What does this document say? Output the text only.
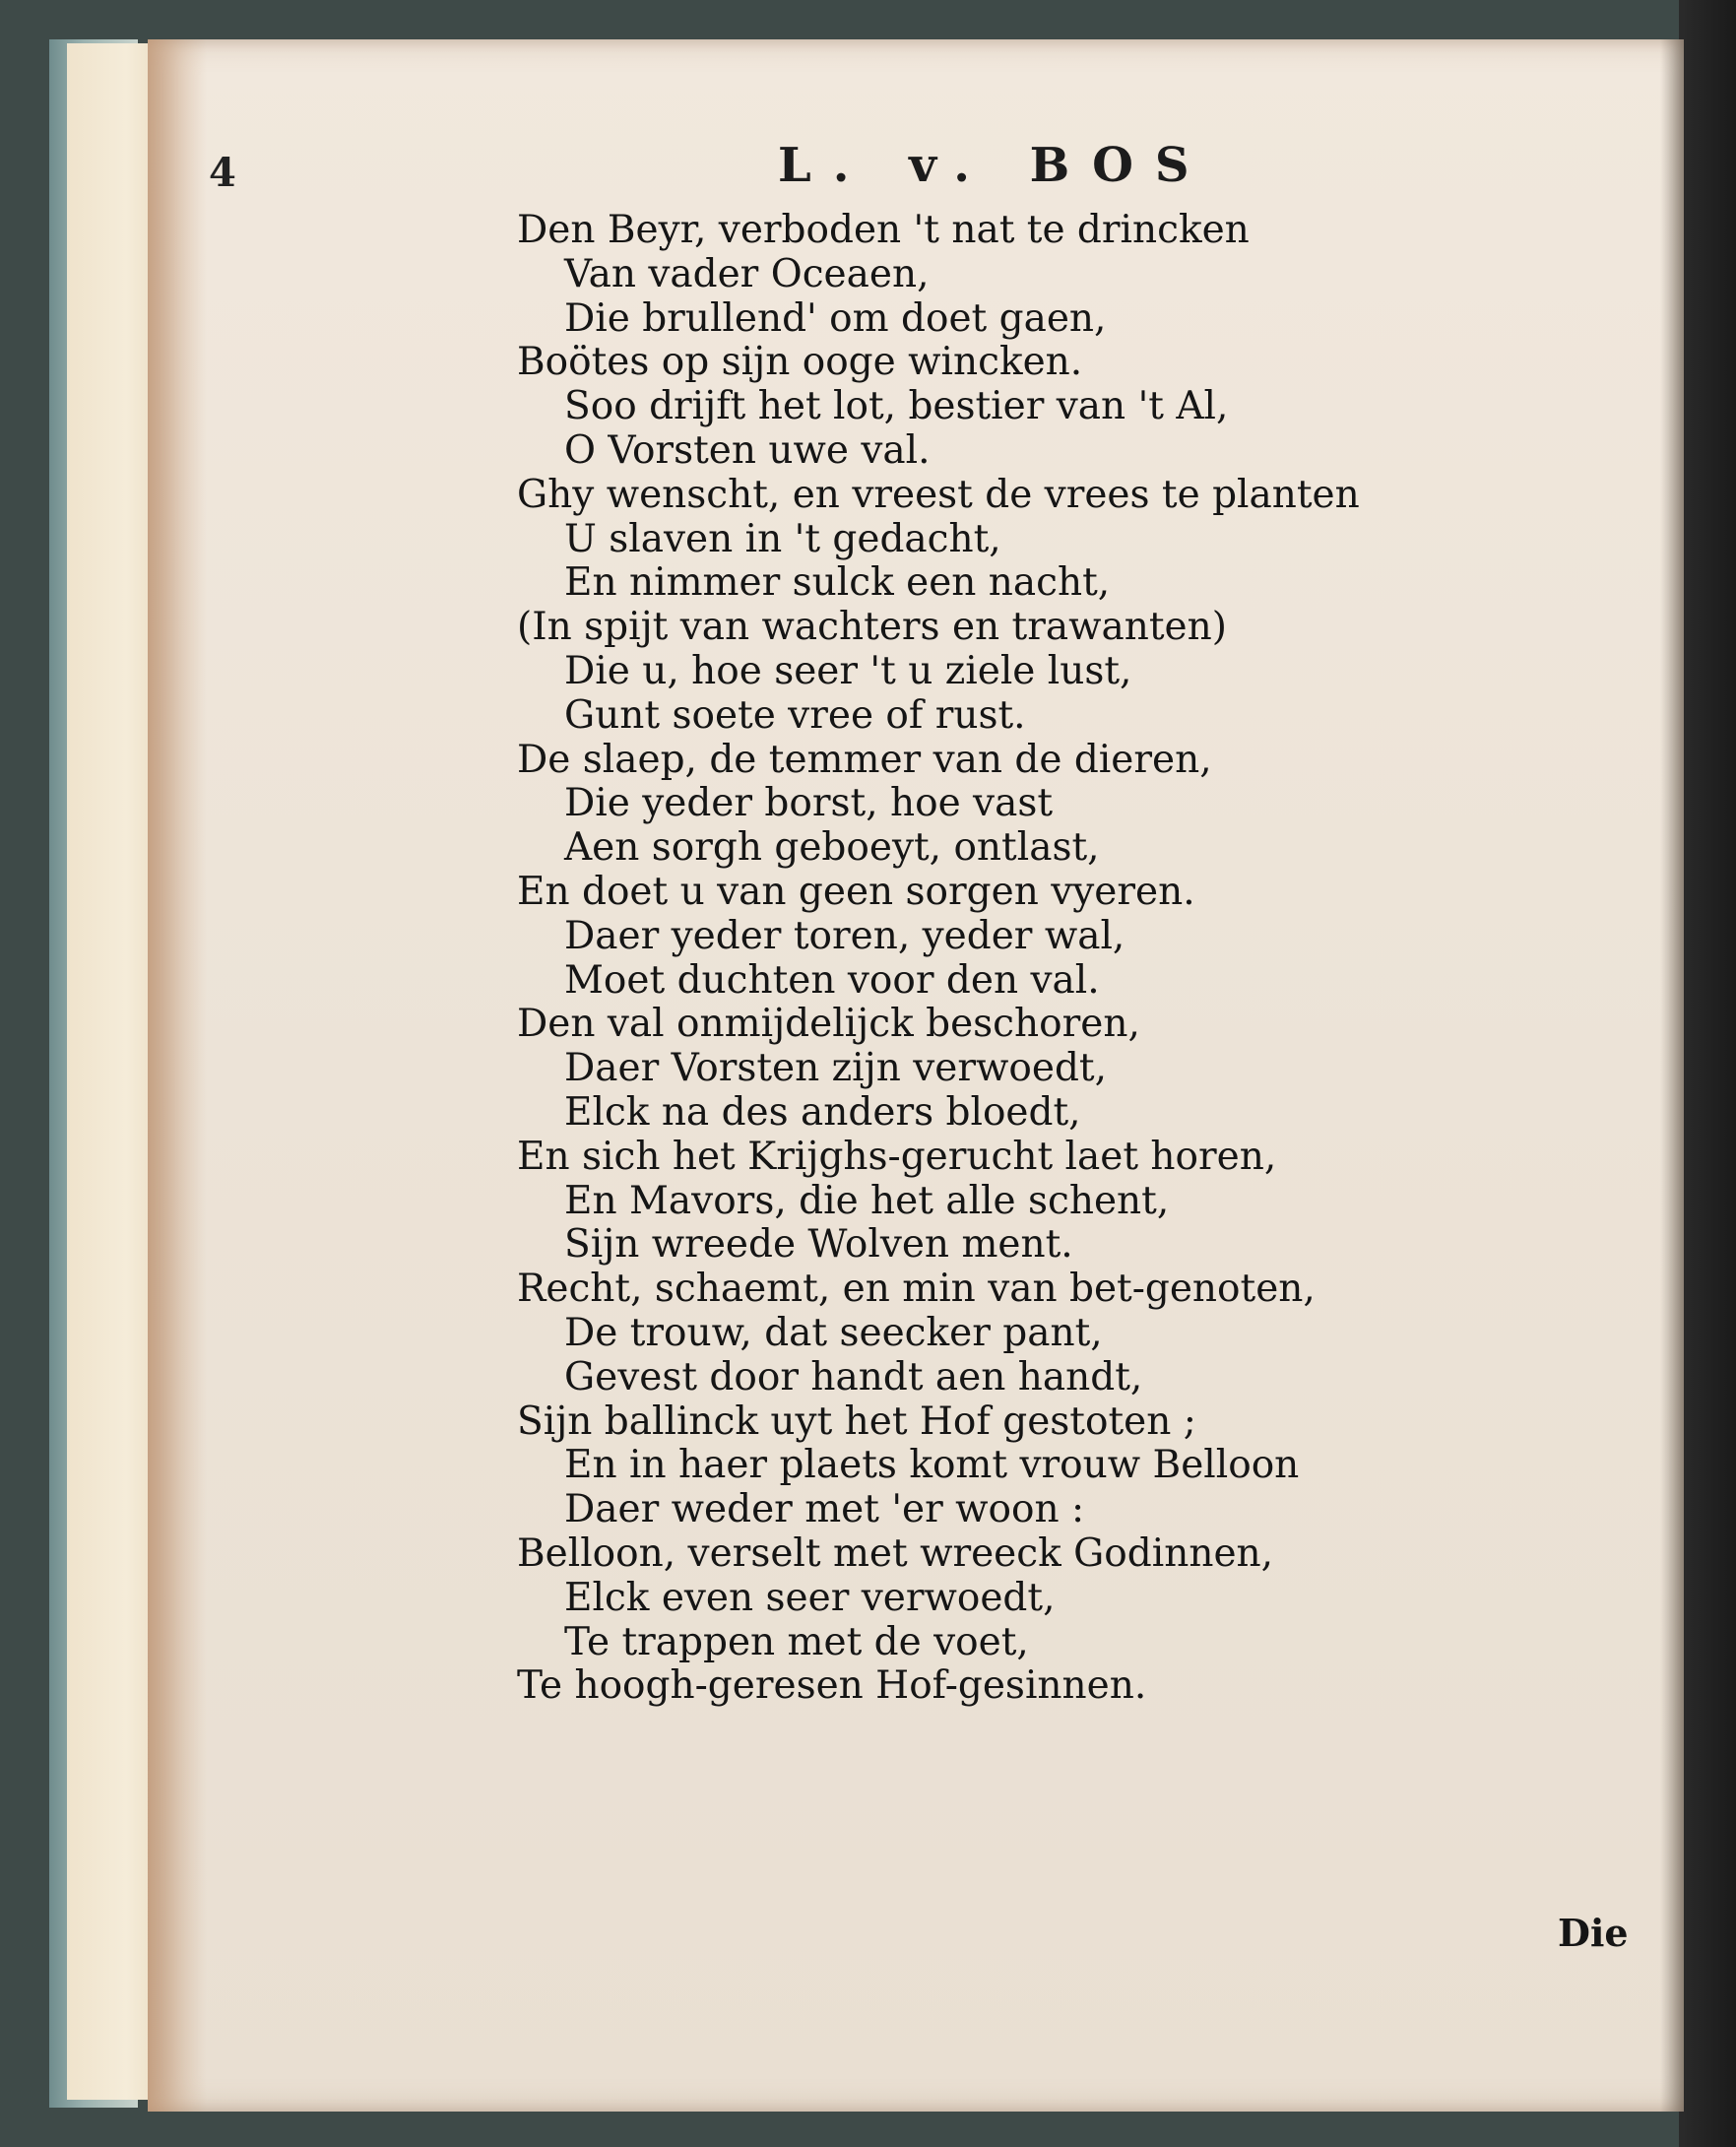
4	L. v. BOS
Den Beyr, verboden 't nat te drincken
Van vader Oceaen,
Die brullend' om doet gaen,
Boötes op sijn ooge wincken.
Soo drijft het lot, bestier van 't Al,
O Vorsten uwe val.
Ghy wenscht, en vreest de vrees te planten
U slaven in 't gedacht,
En nimmer sulck een nacht,
(In spijt van wachters en trawanten)
Die u, hoe seer 't u ziele lust,
Gunt soete vree of rust.
De slaep, de temmer van de dieren,
Die yeder borst, hoe vast
Aen sorgh geboeyt, ontlast,
En doet u van geen sorgen vyeren.
Daer yeder toren, yeder wal,
Moet duchten voor den val.
Den val onmijdelijck beschoren,
Daer Vorsten zijn verwoedt,
Elck na des anders bloedt,
En sich het Krijghs-gerucht laet horen,
En Mavors, die het alle schent,
Sijn wreede Wolven ment.
Recht, schaemt, en min van bet-genoten,
De trouw, dat seecker pant,
Gevest door handt aen handt,
Sijn ballinck uyt het Hof gestoten ;
En in haer plaets komt vrouw Belloon
Daer weder met 'er woon :
Belloon, verselt met wreeck Godinnen,
Elck even seer verwoedt,
Te trappen met de voet,
Te hoogh-geresen Hof-gesinnen.
Die
